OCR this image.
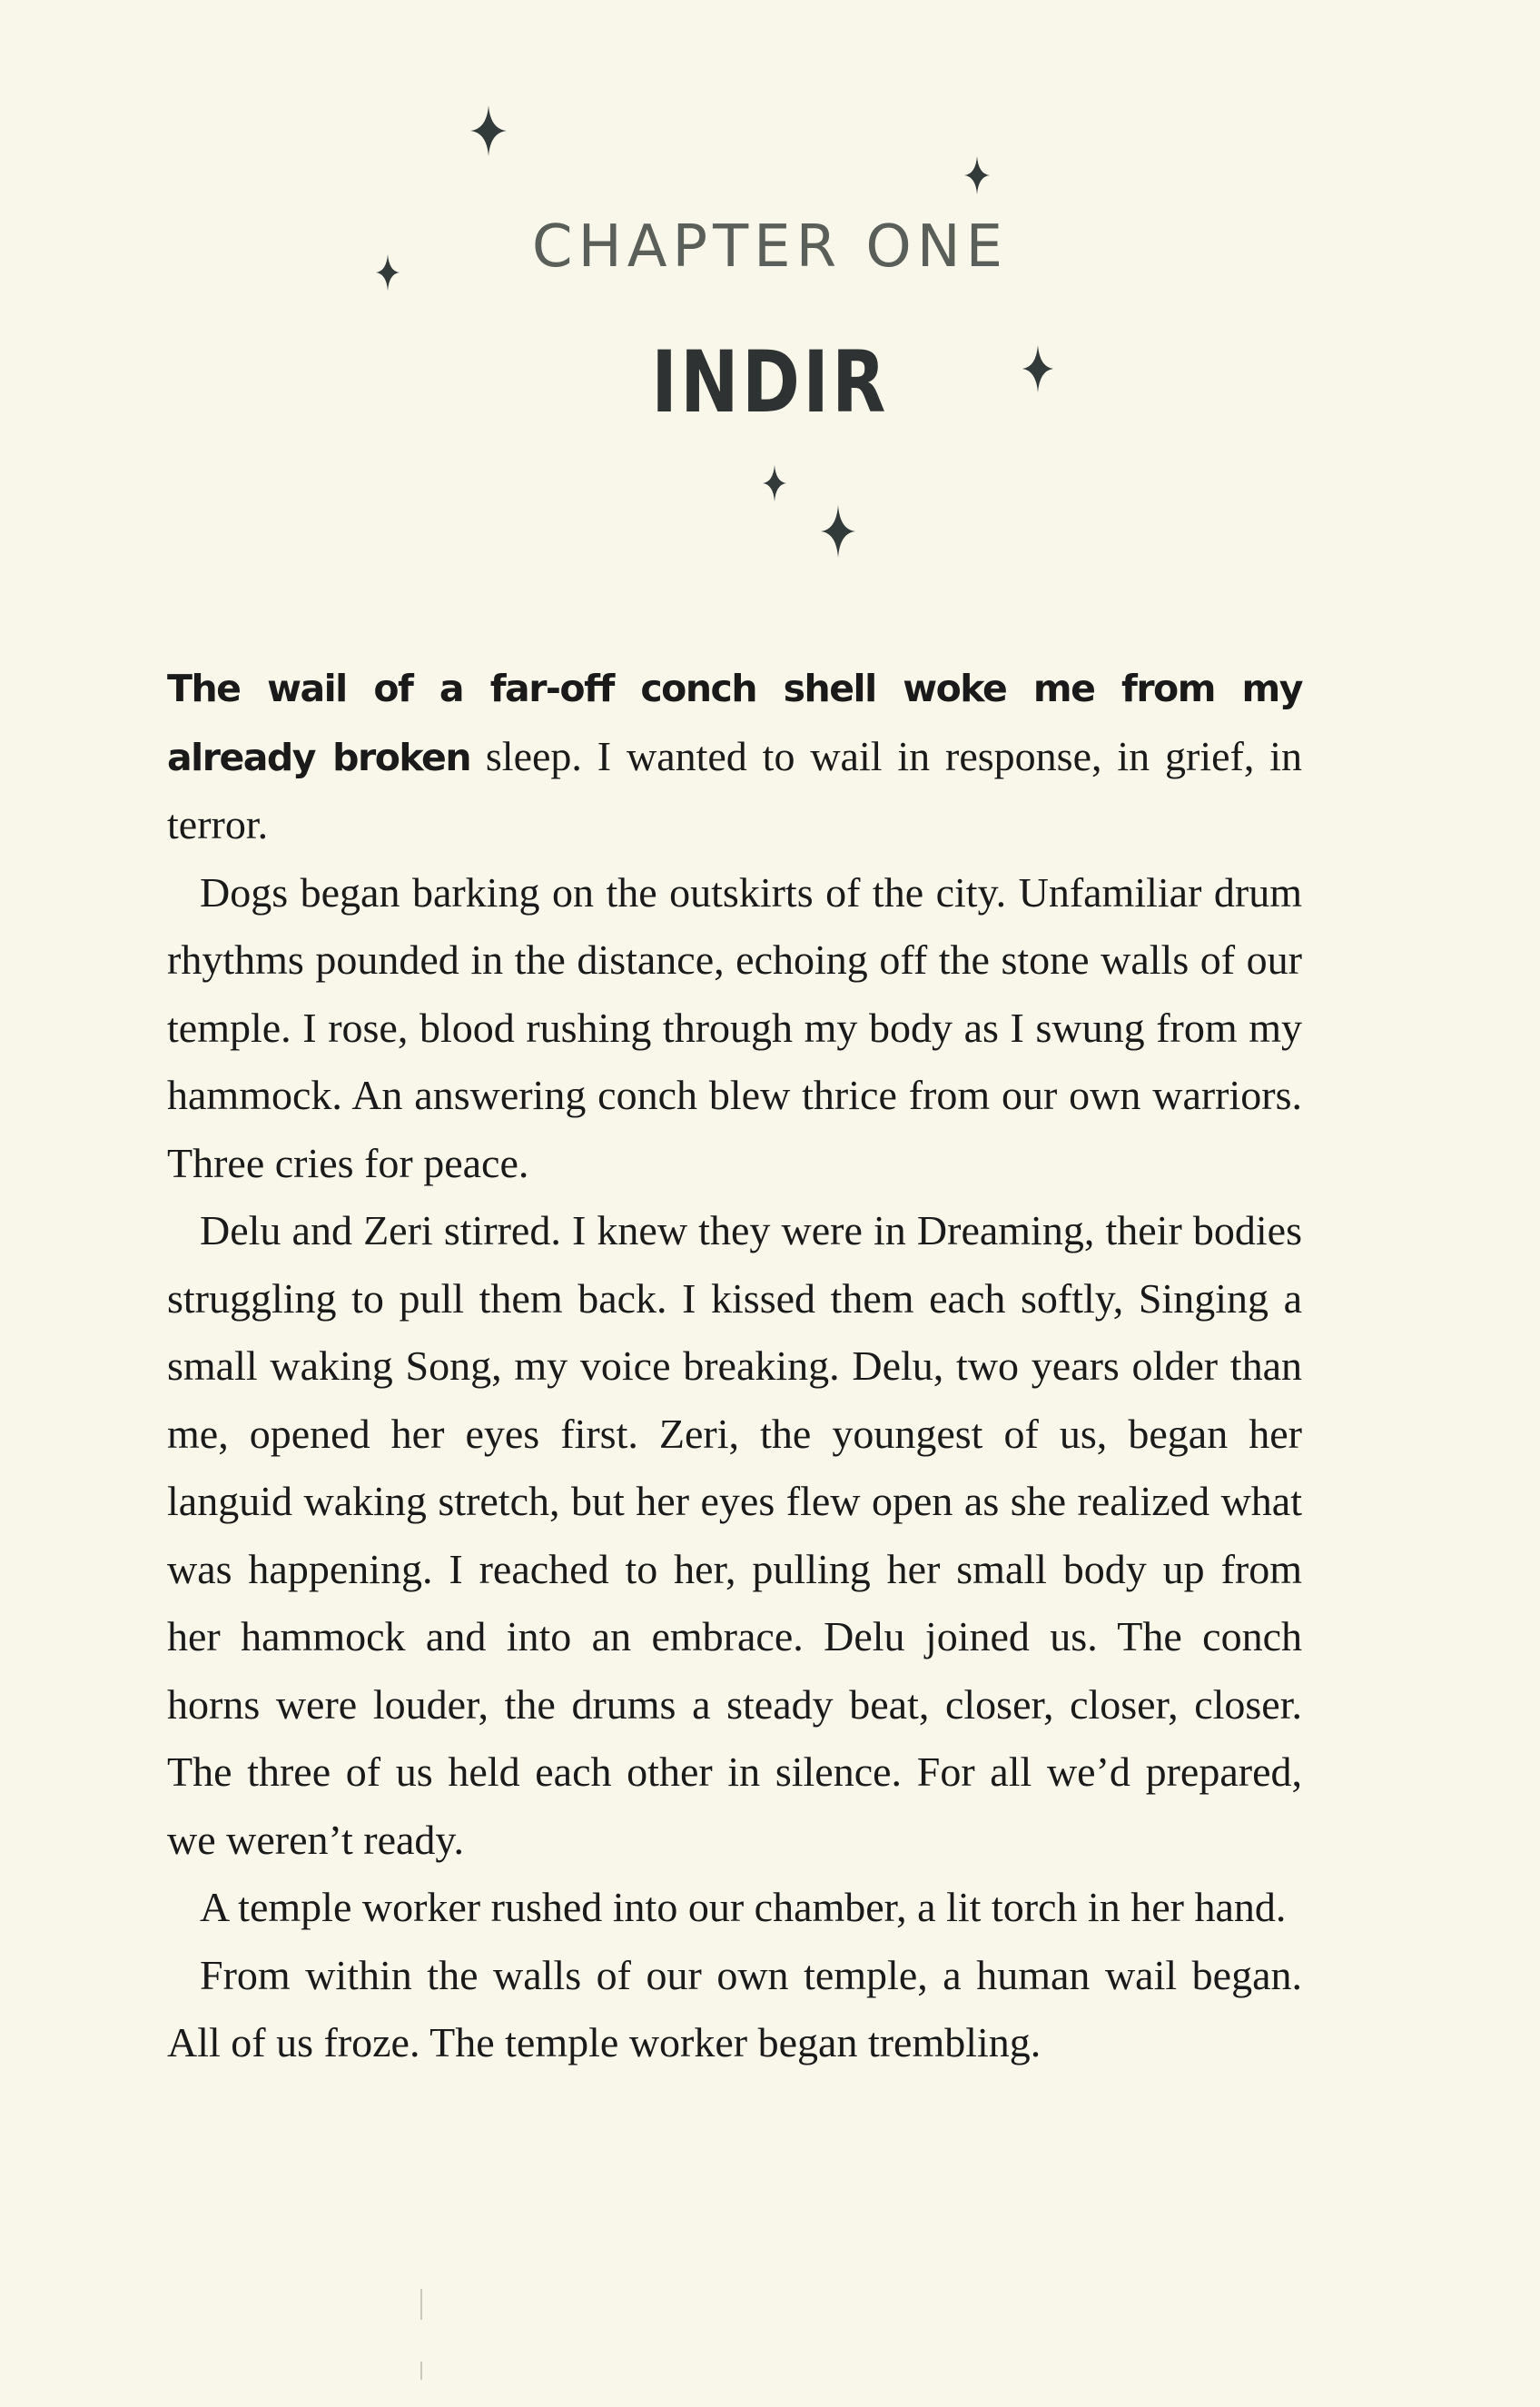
CHAPTER ONE
INDIR

The wail of a far-off conch shell woke me from my already broken sleep. I wanted to wail in response, in grief, in terror.

Dogs began barking on the outskirts of the city. Unfamiliar drum rhythms pounded in the distance, echoing off the stone walls of our temple. I rose, blood rushing through my body as I swung from my hammock. An answering conch blew thrice from our own warriors. Three cries for peace.

Delu and Zeri stirred. I knew they were in Dreaming, their bodies struggling to pull them back. I kissed them each softly, Singing a small waking Song, my voice breaking. Delu, two years older than me, opened her eyes first. Zeri, the youngest of us, began her languid waking stretch, but her eyes flew open as she realized what was happening. I reached to her, pulling her small body up from her hammock and into an embrace. Delu joined us. The conch horns were louder, the drums a steady beat, closer, closer, closer. The three of us held each other in silence. For all we’d prepared, we weren’t ready.

A temple worker rushed into our chamber, a lit torch in her hand.

From within the walls of our own temple, a human wail began. All of us froze. The temple worker began trembling.
